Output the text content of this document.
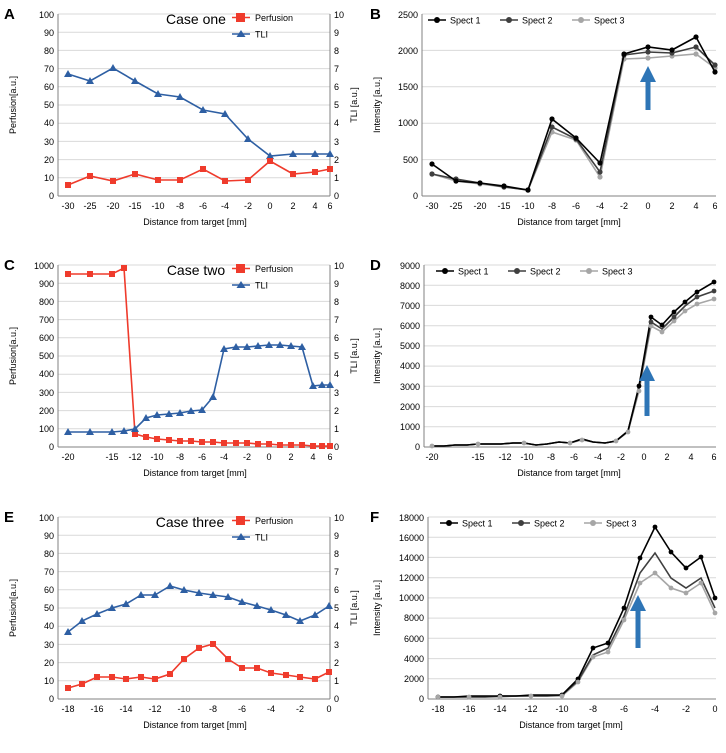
A
0
10
20
30
40
50
60
70
80
90
100
0
1
2
3
4
5
6
7
8
9
10
-30 -25 -20 -15 -10 -8 -6 -4 -2 0 2 4 6
Distance from target [mm]
Perfusion[a.u.]	TLI [a.u.]
Case one	Perfusion
TLI
B
0
500
1000
1500
2000
2500
-30 -25 -20 -15 -10 -8 -6 -4 -2 0 2 4 6
Distance from target [mm]
Intensity [a.u.]
Spect 1	Spect 2	Spect 3
C
0
100
200
300
400
500
600
700
800
900
1000
0
1
2
3
4
5
6
7
8
9
10
-20	-15 -12 -10 -8 -6 -4 -2 0 2 4 6
Distance from target [mm]
Perfusion[a.u.]	TLI [a.u.]
Case two	Perfusion
TLI
D
0
1000
2000
3000
4000
5000
6000
7000
8000
9000
-20	-15 -12 -10 -8 -6 -4 -2 0 2 4 6
Distance from target [mm]
Intensity [a.u.]
Spect 1	Spect 2	Spect 3
E
0
10
20
30
40
50
60
70
80
90
100
0
1
2
3
4
5
6
7
8
9
10
-18 -16 -14 -12 -10 -8 -6 -4 -2 0
Distance from target [mm]
Perfusion[a.u.]	TLI [a.u.]
Case three	Perfusion
TLI
F
0
2000
4000
6000
8000
10000
12000
14000
16000
18000
-18 -16 -14 -12 -10 -8	-6	-4	-2 0
Distance from target [mm]
Intensity [a.u.]
Spect 1	Spect 2	Spect 3
